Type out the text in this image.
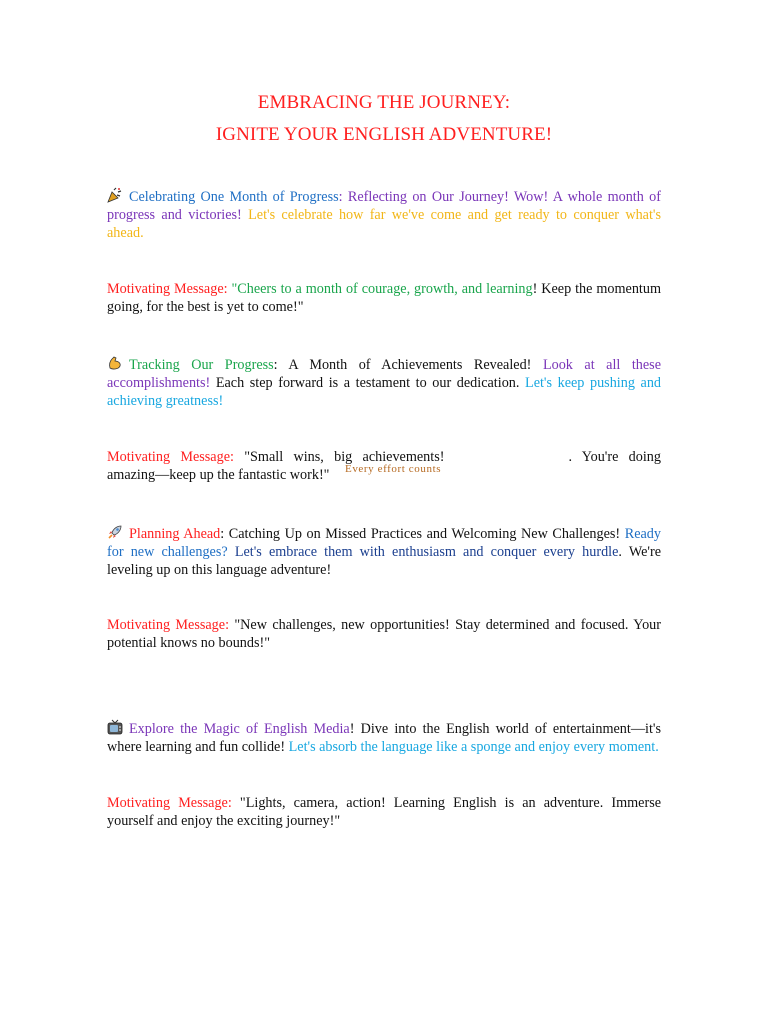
EMBRACING THE JOURNEY:
IGNITE YOUR ENGLISH ADVENTURE!

Celebrating One Month of Progress: Reflecting on Our Journey! Wow! A whole month of progress and victories! Let's celebrate how far we've come and get ready to conquer what's ahead.

Motivating Message: "Cheers to a month of courage, growth, and learning! Keep the momentum going, for the best is yet to come!"

Tracking Our Progress: A Month of Achievements Revealed! Look at all these accomplishments! Each step forward is a testament to our dedication. Let's keep pushing and achieving greatness!

Motivating Message: "Small wins, big achievements!	. You're doing amazing—keep up the fantastic work!"	Every effort counts

Planning Ahead: Catching Up on Missed Practices and Welcoming New Challenges! Ready for new challenges? Let's embrace them with enthusiasm and conquer every hurdle. We're leveling up on this language adventure!

Motivating Message: "New challenges, new opportunities! Stay determined and focused. Your potential knows no bounds!"

Explore the Magic of English Media! Dive into the English world of entertainment—it's where learning and fun collide! Let's absorb the language like a sponge and enjoy every moment.

Motivating Message: "Lights, camera, action! Learning English is an adventure. Immerse yourself and enjoy the exciting journey!"
